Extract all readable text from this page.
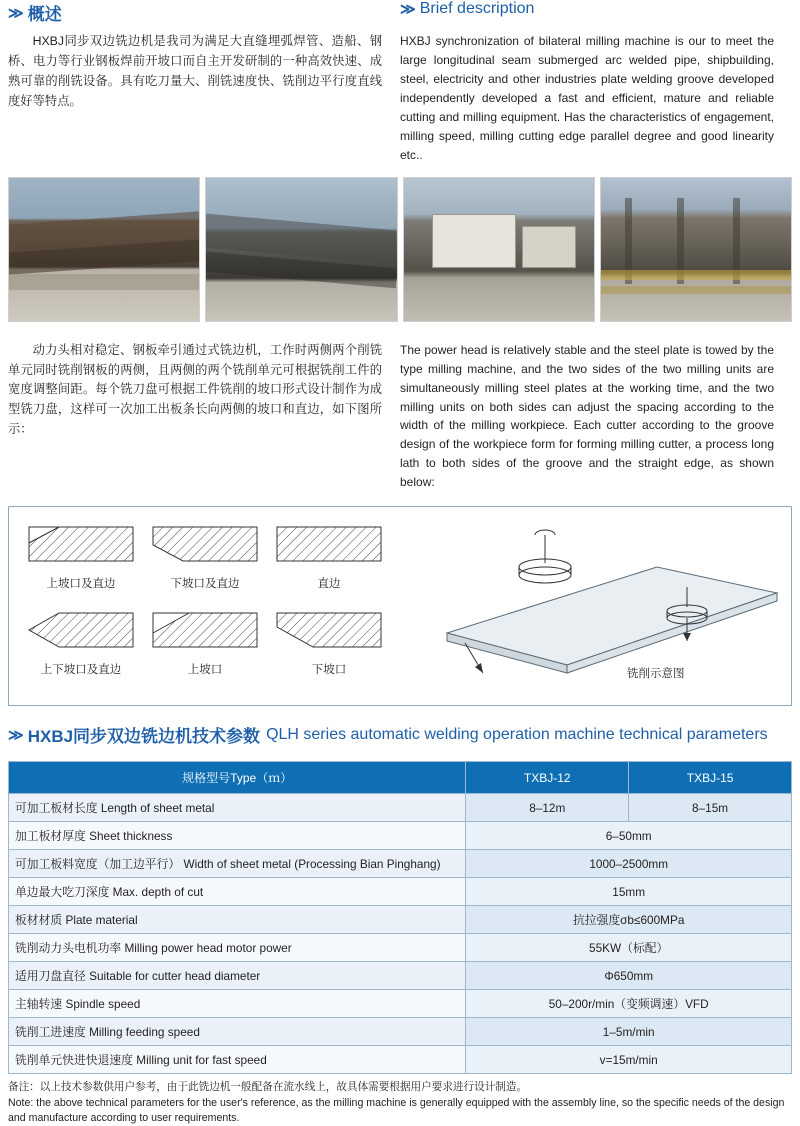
≫ 概述	≫ Brief description

HXBJ同步双边铣边机是我司为满足大直缝埋弧焊管、造船、钢桥、电力等行业钢板焊前开坡口而自主开发研制的一种高效快速、成熟可靠的削铣设备。具有吃刀量大、削铣速度快、铣削边平行度直线度好等特点。

HXBJ synchronization of bilateral milling machine is our to meet the large longitudinal seam submerged arc welded pipe, shipbuilding, steel, electricity and other industries plate welding groove developed independently developed a fast and efficient, mature and reliable cutting and milling equipment. Has the characteristics of engagement, milling speed, milling cutting edge parallel degree and good linearity etc..

动力头相对稳定、钢板牵引通过式铣边机，工作时两侧两个削铣单元同时铣削钢板的两侧，且两侧的两个铣削单元可根据铣削工件的宽度调整间距。每个铣刀盘可根据工件铣削的坡口形式设计制作为成型铣刀盘，这样可一次加工出板条长向两侧的坡口和直边，如下图所示：

The power head is relatively stable and the steel plate is towed by the type milling machine, and the two sides of the two milling units are simultaneously milling steel plates at the working time, and the two milling units on both sides can adjust the spacing according to the width of the milling workpiece. Each cutter according to the groove design of the workpiece form for forming milling cutter, a process long lath to both sides of the groove and the straight edge, as shown below:

上坡口及直边	下坡口及直边	直边
上下坡口及直边	上坡口	下坡口	铣削示意图
≫ HXBJ同步双边铣边机技术参数 QLH series automatic welding operation machine technical parameters
规格型号Type（ｍ）	TXBJ-12	TXBJ-15
可加工板材长度 Length of sheet metal	8–12m	8–15m
加工板材厚度 Sheet thickness	6–50mm	
可加工板料宽度（加工边平行） Width of sheet metal (Processing Bian Pinghang)	1000–2500mm	
单边最大吃刀深度 Max. depth of cut	15mm	
板材材质 Plate material	抗拉强度σb≤600MPa	
铣削动力头电机功率 Milling power head motor power	55KW（标配）	
适用刀盘直径 Suitable for cutter head diameter	Φ650mm	
主轴转速 Spindle speed	50–200r/min（变频调速）VFD	
铣削工进速度 Milling feeding speed	1–5m/min	
铣削单元快进快退速度 Milling unit for fast speed	v=15m/min	
备注：以上技术参数供用户参考，由于此铣边机一般配备在流水线上，故具体需要根据用户要求进行设计制造。
Note: the above technical parameters for the user's reference, as the milling machine is generally equipped with the assembly line, so the specific needs of the design and manufacture according to user requirements.
